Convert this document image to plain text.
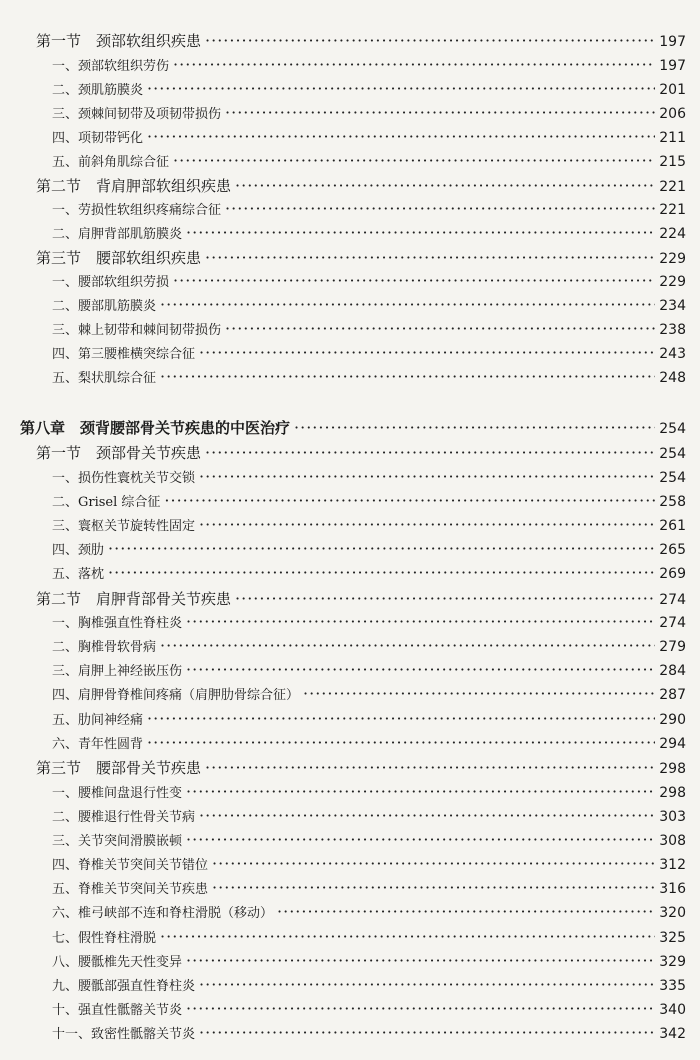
第一节　颈部软组织疾患 ·····	197
一、颈部软组织劳伤 ·····	197
二、颈肌筋膜炎 ·····	201
三、颈棘间韧带及项韧带损伤 ·····	206
四、项韧带钙化 ·····	211
五、前斜角肌综合征 ·····	215
第二节　背肩胛部软组织疾患 ·····	221
一、劳损性软组织疼痛综合征 ·····	221
二、肩胛背部肌筋膜炎 ·····	224
第三节　腰部软组织疾患 ·····	229
一、腰部软组织劳损 ·····	229
二、腰部肌筋膜炎 ·····	234
三、棘上韧带和棘间韧带损伤 ·····	238
四、第三腰椎横突综合征 ·····	243
五、梨状肌综合征 ·····	248
第八章　颈背腰部骨关节疾患的中医治疗 ·····	254
第一节　颈部骨关节疾患 ·····	254
一、损伤性寰枕关节交锁 ·····	254
二、Grisel 综合征 ·····	258
三、寰枢关节旋转性固定 ·····	261
四、颈肋 ·····	265
五、落枕 ·····	269
第二节　肩胛背部骨关节疾患 ·····	274
一、胸椎强直性脊柱炎 ·····	274
二、胸椎骨软骨病 ·····	279
三、肩胛上神经嵌压伤 ·····	284
四、肩胛骨脊椎间疼痛（肩胛肋骨综合征） ·····	287
五、肋间神经痛 ·····	290
六、青年性圆背 ·····	294
第三节　腰部骨关节疾患 ·····	298
一、腰椎间盘退行性变 ·····	298
二、腰椎退行性骨关节病 ·····	303
三、关节突间滑膜嵌顿 ·····	308
四、脊椎关节突间关节错位 ·····	312
五、脊椎关节突间关节疾患 ·····	316
六、椎弓峡部不连和脊柱滑脱（移动） ·····	320
七、假性脊柱滑脱 ·····	325
八、腰骶椎先天性变异 ·····	329
九、腰骶部强直性脊柱炎 ·····	335
十、强直性骶髂关节炎 ·····	340
十一、致密性骶髂关节炎 ·····	342
